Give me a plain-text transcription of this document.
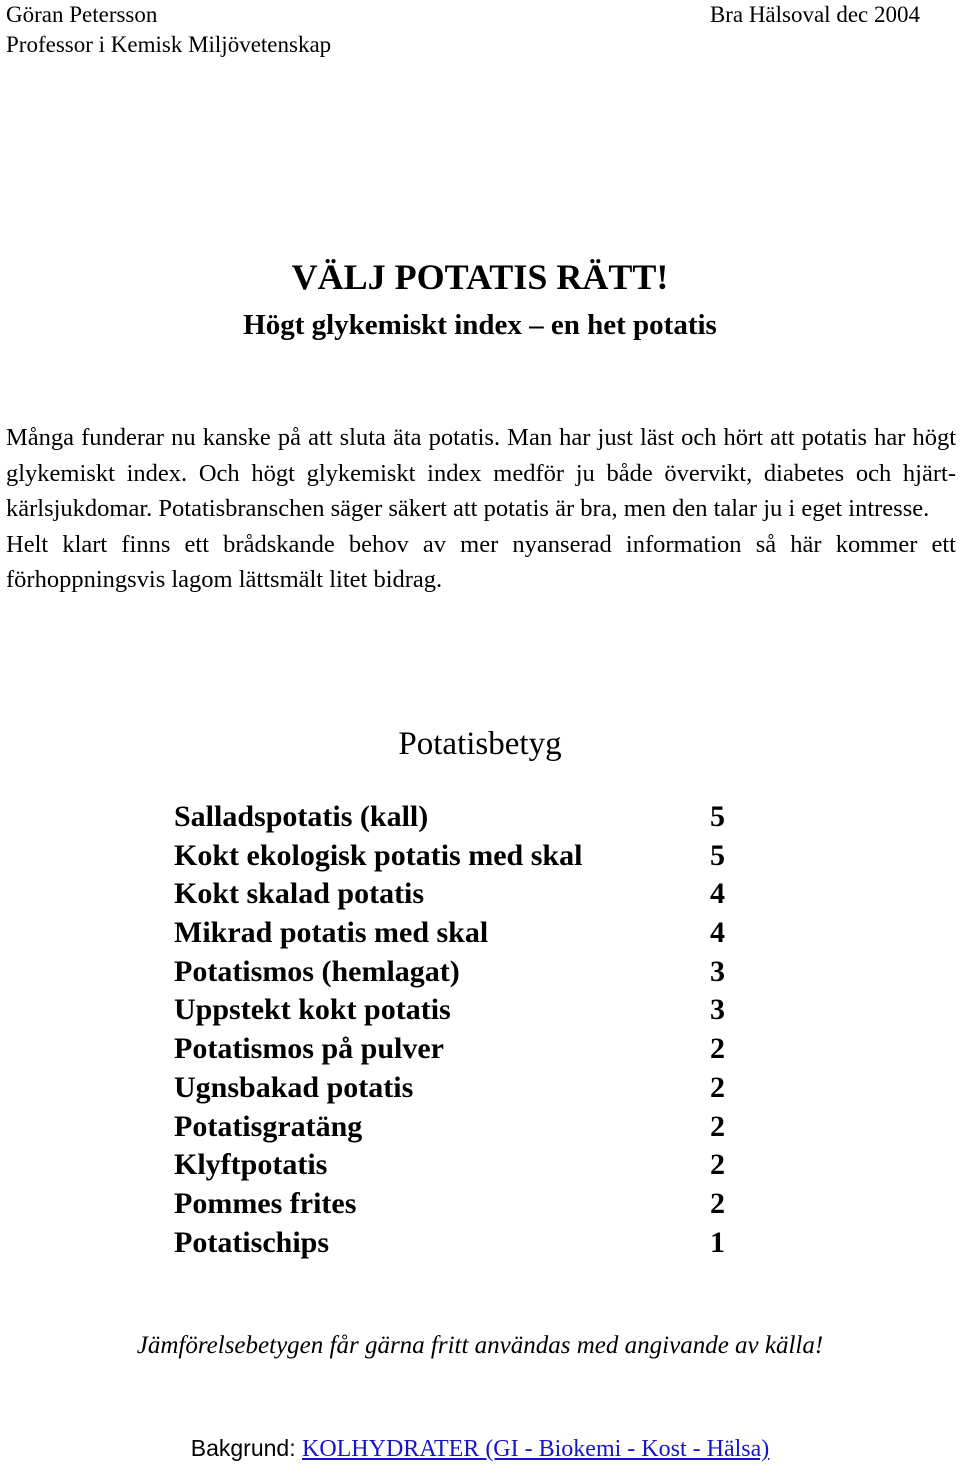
Göran Petersson
Professor i Kemisk Miljövetenskap
Bra Hälsoval dec 2004
VÄLJ POTATIS RÄTT!
Högt glykemiskt index – en het potatis

Många funderar nu kanske på att sluta äta potatis. Man har just läst och hört att potatis har högt glykemiskt index. Och högt glykemiskt index medför ju både övervikt, diabetes och hjärt-kärlsjukdomar. Potatisbranschen säger säkert att potatis är bra, men den talar ju i eget intresse.

Helt klart finns ett brådskande behov av mer nyanserad information så här kommer ett förhoppningsvis lagom lättsmält litet bidrag.

Potatisbetyg
Salladspotatis (kall)	5
Kokt ekologisk potatis med skal	5
Kokt skalad potatis	4
Mikrad potatis med skal	4
Potatismos (hemlagat)	3
Uppstekt kokt potatis	3
Potatismos på pulver	2
Ugnsbakad potatis	2
Potatisgratäng	2
Klyftpotatis	2
Pommes frites	2
Potatischips	1
Jämförelsebetygen får gärna fritt användas med angivande av källa!
Bakgrund: KOLHYDRATER (GI - Biokemi - Kost - Hälsa)
